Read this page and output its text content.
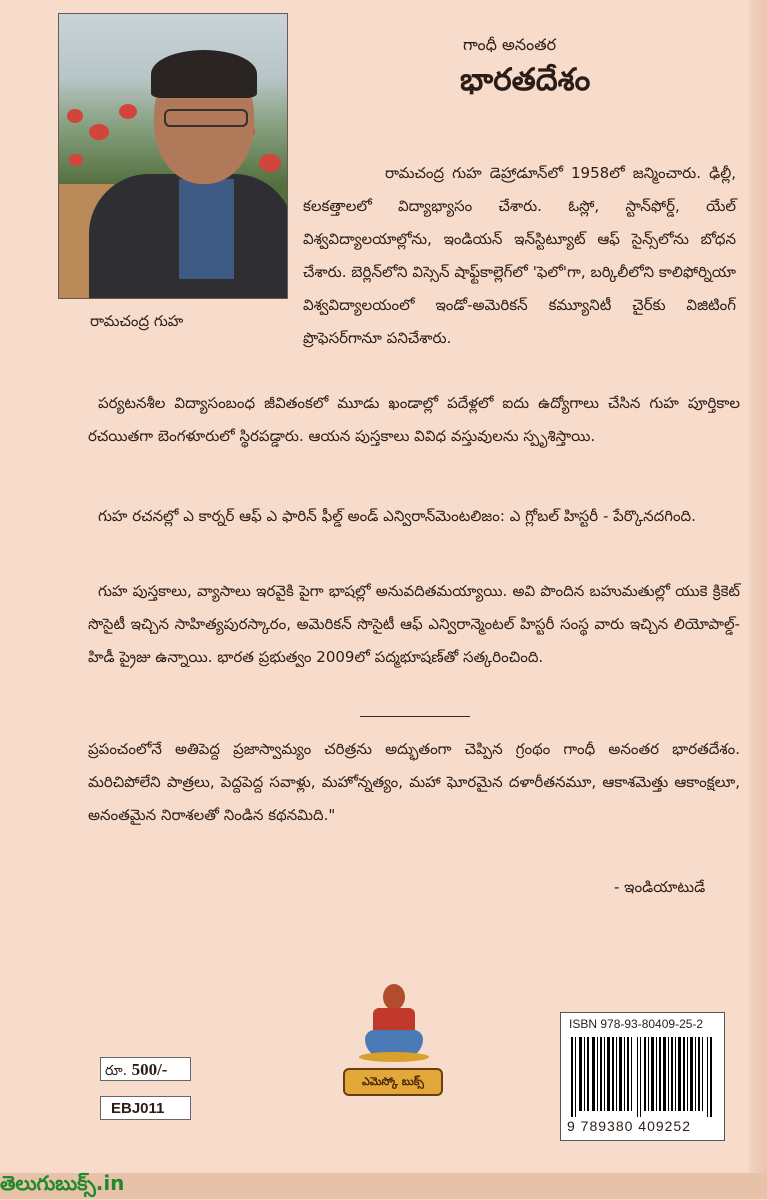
రామచంద్ర గుహ
గాంధీ అనంతర
భారతదేశం

రామచంద్ర గుహ డెహ్రాడూన్‌లో 1958లో జన్మించారు. ఢిల్లీ, కలకత్తాలలో విద్యాభ్యాసం చేశారు. ఓస్లో, స్టాన్‌ఫోర్డ్, యేల్ విశ్వవిద్యాలయాల్లోను, ఇండియన్ ఇన్‌స్టిట్యూట్ ఆఫ్ సైన్స్‌లోను బోధన చేశారు. బెర్లిన్‌లోని విస్సెన్ షాఫ్ట్‌కాల్లెగ్‌లో 'ఫెలో'గా, బర్కిలీలోని కాలిఫోర్నియా విశ్వవిద్యాలయంలో ఇండో-అమెరికన్ కమ్యూనిటీ చైర్‌కు విజిటింగ్ ప్రొఫెసర్‌గానూ పనిచేశారు.

పర్యటనశీల విద్యాసంబంధ జీవితంకలో మూడు ఖండాల్లో పదేళ్లలో ఐదు ఉద్యోగాలు చేసిన గుహ పూర్తికాల రచయితగా బెంగళూరులో స్థిరపడ్డారు. ఆయన పుస్తకాలు వివిధ వస్తువులను స్పృశిస్తాయి.

గుహ రచనల్లో ఎ కార్నర్ ఆఫ్ ఎ ఫారిన్ ఫీల్డ్ అండ్ ఎన్విరాన్‌మెంటలిజం: ఎ గ్లోబల్ హిస్టరీ - పేర్కొనదగింది.

గుహ పుస్తకాలు, వ్యాసాలు ఇరవైకి పైగా భాషల్లో అనువదితమయ్యాయి. అవి పొందిన బహుమతుల్లో యుకె క్రికెట్ సొసైటీ ఇచ్చిన సాహిత్యపురస్కారం, అమెరికన్ సొసైటీ ఆఫ్ ఎన్విరాన్మెంటల్ హిస్టరీ సంస్థ వారు ఇచ్చిన లియోపాల్డ్- హిడీ ప్రైజు ఉన్నాయి. భారత ప్రభుత్వం 2009లో పద్మభూషణ్‌తో సత్కరించింది.

ప్రపంచంలోనే అతిపెద్ద ప్రజాస్వామ్యం చరిత్రను అద్భుతంగా చెప్పిన గ్రంథం గాంధీ అనంతర భారతదేశం. మరిచిపోలేని పాత్రలు, పెద్దపెద్ద సవాళ్లు, మహోన్నత్యం, మహా ఘోరమైన దళారీతనమూ, ఆకాశమెత్తు ఆకాంక్షలూ, అనంతమైన నిరాశలతో నిండిన కథనమిది."

- ఇండియాటుడే
ఎమెస్కో బుక్స్
ISBN 978-93-80409-25-2
9 789380 409252
రూ. 500/-
EBJ011
తెలుగుబుక్స్.in
